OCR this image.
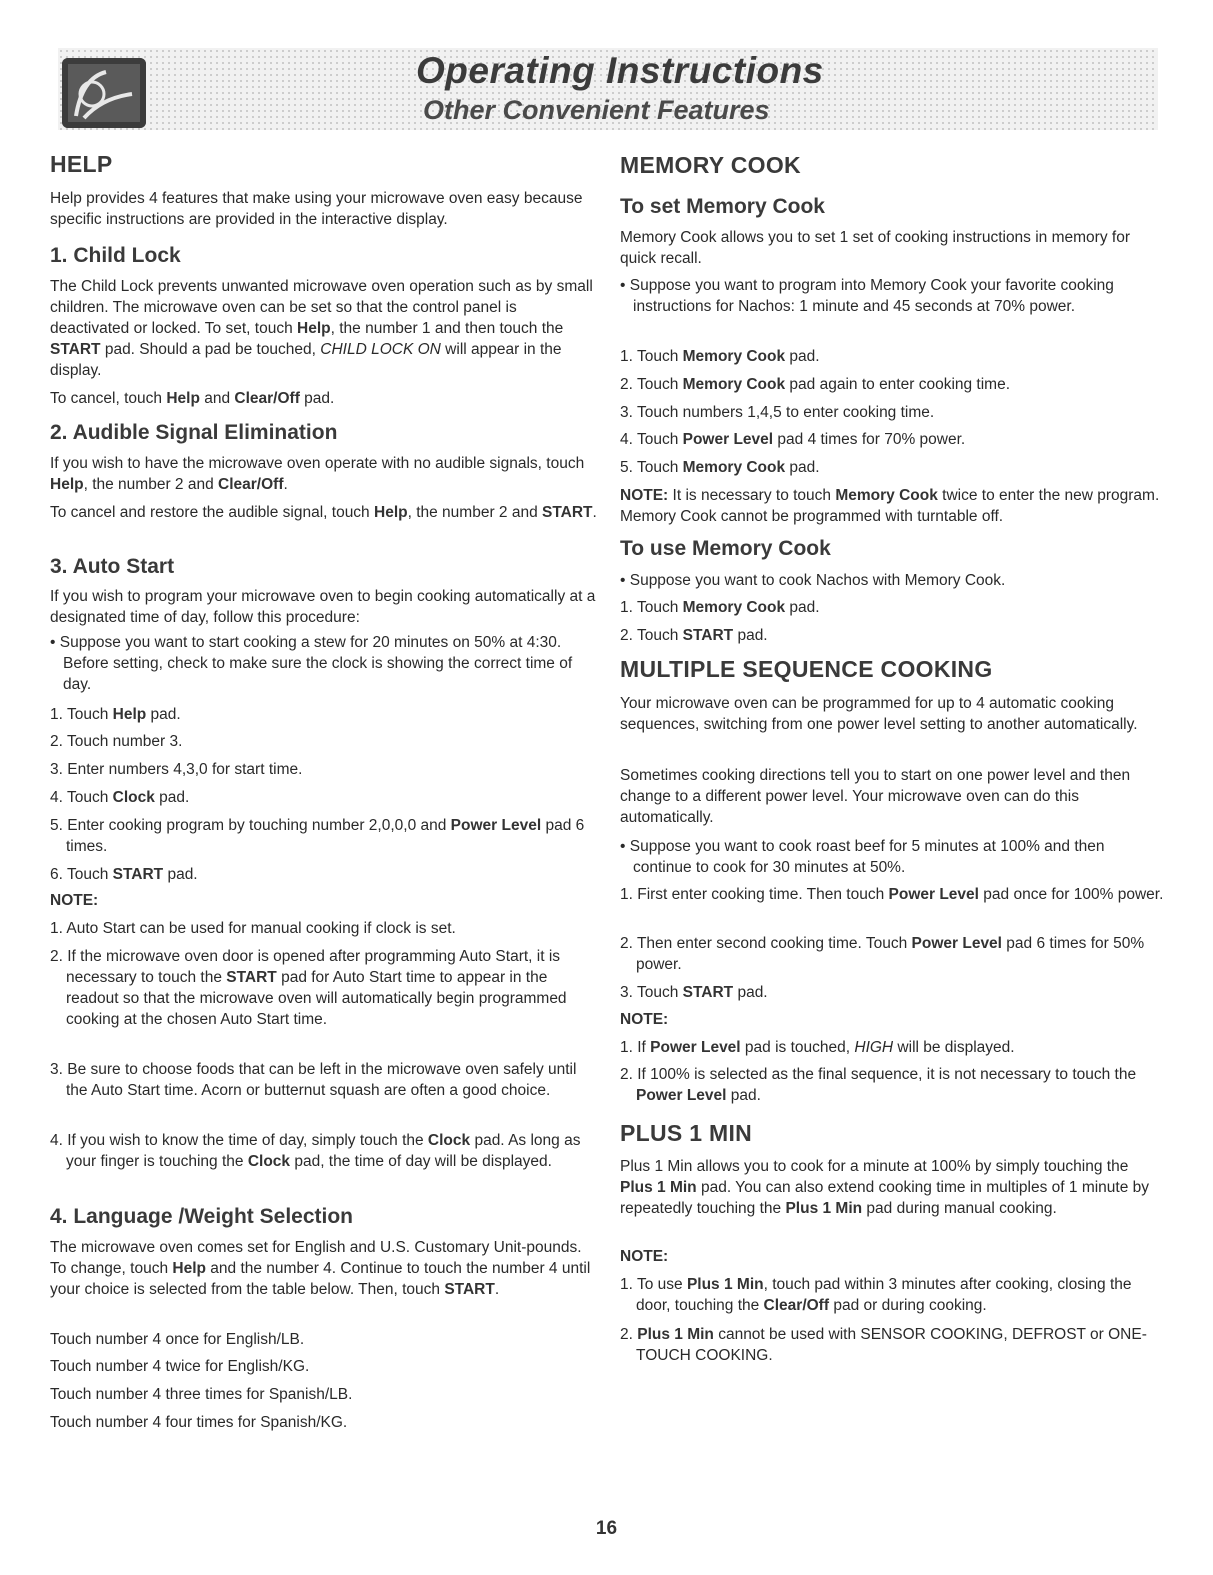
Operating Instructions
Other Convenient Features
HELP

Help provides 4 features that make using your microwave oven easy because specific instructions are provided in the interactive display.

1. Child Lock

The Child Lock prevents unwanted microwave oven operation such as by small children. The microwave oven can be set so that the control panel is deactivated or locked. To set, touch Help, the number 1 and then touch the START pad. Should a pad be touched, CHILD LOCK ON will appear in the display.

To cancel, touch Help and Clear/Off pad.

2. Audible Signal Elimination

If you wish to have the microwave oven operate with no audible signals, touch Help, the number 2 and Clear/Off.

To cancel and restore the audible signal, touch Help, the number 2 and START.

3. Auto Start

If you wish to program your microwave oven to begin cooking automatically at a designated time of day, follow this procedure:

• Suppose you want to start cooking a stew for 20 minutes on 50% at 4:30. Before setting, check to make sure the clock is showing the correct time of day.

1. Touch Help pad.

2. Touch number 3.

3. Enter numbers 4,3,0 for start time.

4. Touch Clock pad.

5. Enter cooking program by touching number 2,0,0,0 and Power Level pad 6 times.

6. Touch START pad.

NOTE:

1. Auto Start can be used for manual cooking if clock is set.

2. If the microwave oven door is opened after programming Auto Start, it is necessary to touch the START pad for Auto Start time to appear in the readout so that the microwave oven will automatically begin programmed cooking at the chosen Auto Start time.

3. Be sure to choose foods that can be left in the microwave oven safely until the Auto Start time. Acorn or butternut squash are often a good choice.

4. If you wish to know the time of day, simply touch the Clock pad. As long as your finger is touching the Clock pad, the time of day will be displayed.

4. Language /Weight Selection

The microwave oven comes set for English and U.S. Customary Unit-pounds. To change, touch Help and the number 4. Continue to touch the number 4 until your choice is selected from the table below. Then, touch START.

Touch number 4 once for English/LB.

Touch number 4 twice for English/KG.

Touch number 4 three times for Spanish/LB.

Touch number 4 four times for Spanish/KG.

MEMORY COOK
To set Memory Cook

Memory Cook allows you to set 1 set of cooking instructions in memory for quick recall.

• Suppose you want to program into Memory Cook your favorite cooking instructions for Nachos: 1 minute and 45 seconds at 70% power.

1. Touch Memory Cook pad.

2. Touch Memory Cook pad again to enter cooking time.

3. Touch numbers 1,4,5 to enter cooking time.

4. Touch Power Level pad 4 times for 70% power.

5. Touch Memory Cook pad.

NOTE: It is necessary to touch Memory Cook twice to enter the new program. Memory Cook cannot be programmed with turntable off.

To use Memory Cook

• Suppose you want to cook Nachos with Memory Cook.

1. Touch Memory Cook pad.

2. Touch START pad.

MULTIPLE SEQUENCE COOKING

Your microwave oven can be programmed for up to 4 automatic cooking sequences, switching from one power level setting to another automatically.

Sometimes cooking directions tell you to start on one power level and then change to a different power level. Your microwave oven can do this automatically.

• Suppose you want to cook roast beef for 5 minutes at 100% and then continue to cook for 30 minutes at 50%.

1. First enter cooking time. Then touch Power Level pad once for 100% power.

2. Then enter second cooking time. Touch Power Level pad 6 times for 50% power.

3. Touch START pad.

NOTE:

1. If Power Level pad is touched, HIGH will be displayed.

2. If 100% is selected as the final sequence, it is not necessary to touch the Power Level pad.

PLUS 1 MIN

Plus 1 Min allows you to cook for a minute at 100% by simply touching the Plus 1 Min pad. You can also extend cooking time in multiples of 1 minute by repeatedly touching the Plus 1 Min pad during manual cooking.

NOTE:

1. To use Plus 1 Min, touch pad within 3 minutes after cooking, closing the door, touching the Clear/Off pad or during cooking.

2. Plus 1 Min cannot be used with SENSOR COOKING, DEFROST or ONE-TOUCH COOKING.

16
